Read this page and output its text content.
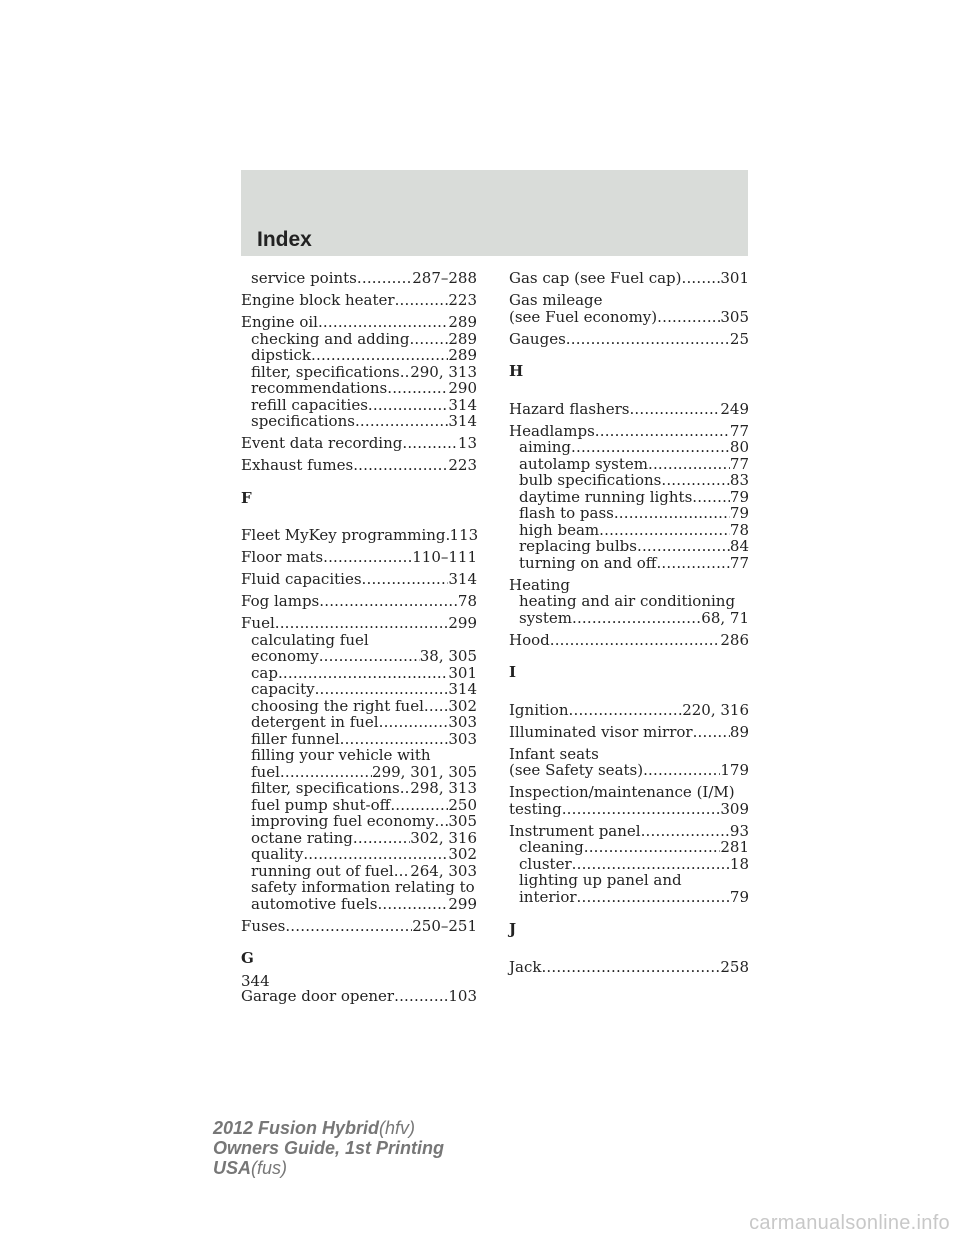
Index
service points .....	287–288
Engine block heater .....	223
Engine oil .....	289
checking and adding .....	289
dipstick .....	289
filter, specifications ..... 290, 313
recommendations .....	290
refill capacities .....	314
specifications .....	314
Event data recording .....	13
Exhaust fumes .....	223
F
Fleet MyKey programming ..... 113
Floor mats .....	110–111
Fluid capacities .....	314
Fog lamps .....	78
Fuel .....	299
calculating fuel
economy .....	38, 305
cap .....	301
capacity .....	314
choosing the right fuel ..... 302
detergent in fuel .....	303
filler funnel .....	303
filling your vehicle with
fuel .....	299, 301, 305
filter, specifications ..... 298, 313
fuel pump shut-off .....	250
improving fuel economy ..... 305
octane rating .....	302, 316
quality .....	302
running out of fuel ..... 264, 303
safety information relating to
automotive fuels .....	299
Fuses .....	250–251
G
Garage door opener .....	103
Gas cap (see Fuel cap) .....	301
Gas mileage
(see Fuel economy) .....	305
Gauges .....	25
H
Hazard flashers .....	249
Headlamps .....	77
aiming .....	80
autolamp system .....	77
bulb specifications .....	83
daytime running lights .....	79
flash to pass .....	79
high beam .....	78
replacing bulbs .....	84
turning on and off .....	77
Heating
heating and air conditioning
system .....	68, 71
Hood .....	286
I
Ignition .....	220, 316
Illuminated visor mirror ..... 89
Infant seats
(see Safety seats) .....	179
Inspection/maintenance (I/M)
testing .....	309
Instrument panel .....	93
cleaning .....	281
cluster .....	18
lighting up panel and
interior .....	79
J
Jack .....	258
344
2012 Fusion Hybrid(hfv)
Owners Guide, 1st Printing
USA(fus)
carmanualsonline.info
